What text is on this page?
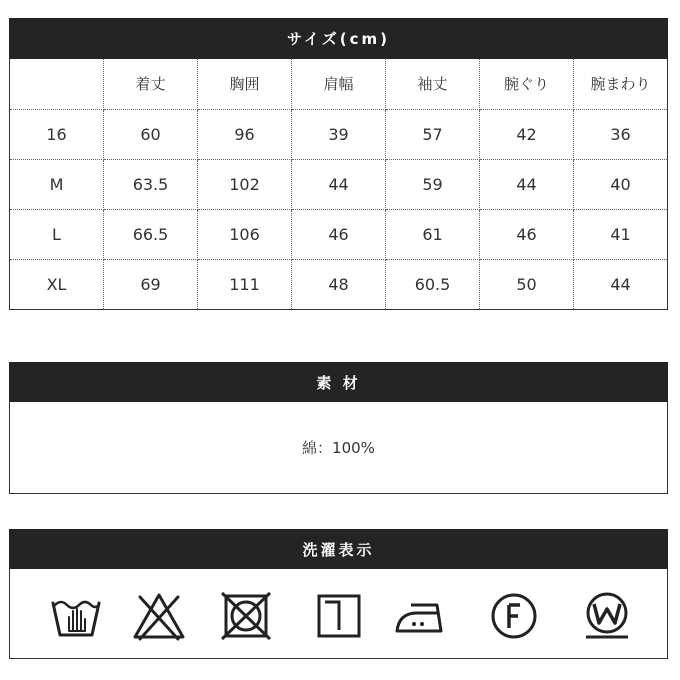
サイズ(cm)
	着丈	胸囲	肩幅	袖丈	腕ぐり	腕まわり
16	60	96	39	57	42	36
M	63.5	102	44	59	44	40
L	66.5	106	46	61	46	41
XL	69	111	48	60.5	50	44
素 材
綿：100%
洗濯表示
